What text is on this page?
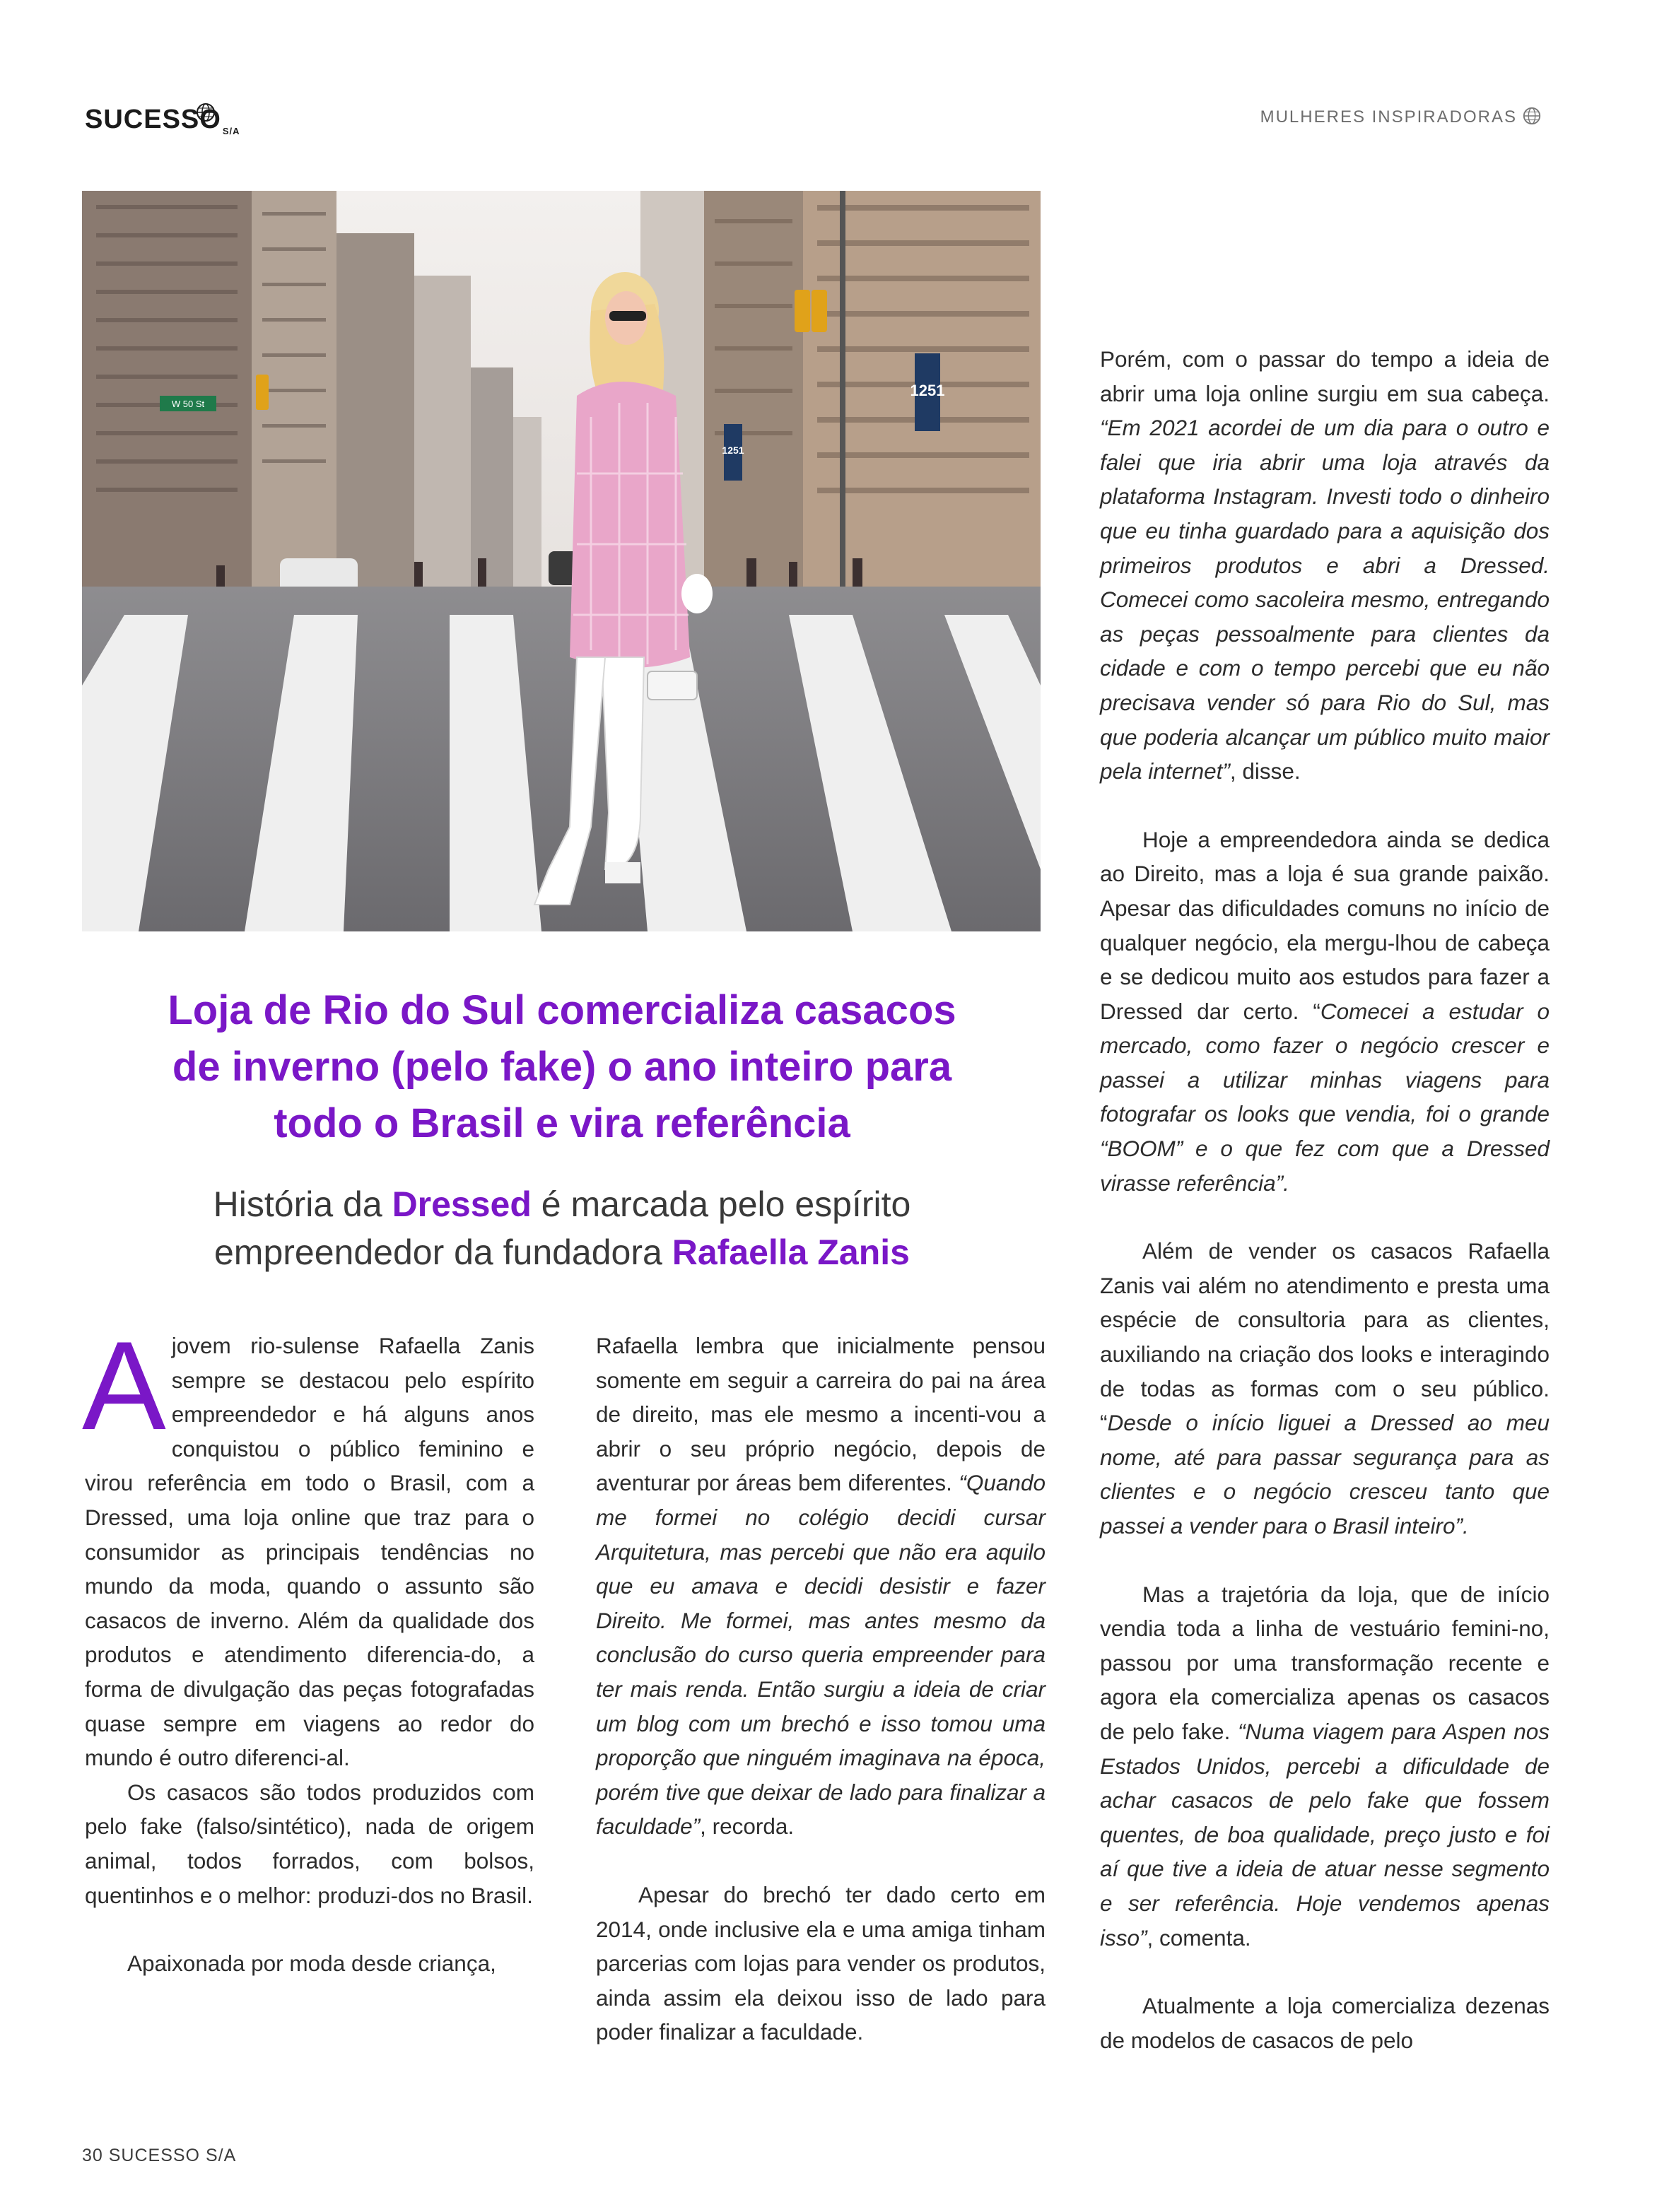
SUCESSO $_{S/A}$
MULHERES INSPIRADORAS
1251
1251
W 50 St
Loja de Rio do Sul comercializa casacos
de inverno (pelo fake) o ano inteiro para
todo o Brasil e vira referência
História da Dressed é marcada pelo espírito
empreendedor da fundadora Rafaella Zanis

A jovem rio-sulense Rafaella Zanis sempre se destacou pelo espírito empreendedor e há alguns anos conquistou o público feminino e virou referência em todo o Brasil, com a Dressed, uma loja online que traz para o consumidor as principais tendências no mundo da moda, quando o assunto são casacos de inverno. Além da qualidade dos produtos e atendimento diferencia-do, a forma de divulgação das peças fotografadas quase sempre em viagens ao redor do mundo é outro diferenci-al.

Os casacos são todos produzidos com pelo fake (falso/sintético), nada de origem animal, todos forrados, com bolsos, quentinhos e o melhor: produzi-dos no Brasil.

Apaixonada por moda desde criança,

Rafaella lembra que inicialmente pensou somente em seguir a carreira do pai na área de direito, mas ele mesmo a incenti-vou a abrir o seu próprio negócio, depois de aventurar por áreas bem diferentes. “Quando me formei no colégio decidi cursar Arquitetura, mas percebi que não era aquilo que eu amava e decidi desistir e fazer Direito. Me formei, mas antes mesmo da conclusão do curso queria empreender para ter mais renda. Então surgiu a ideia de criar um blog com um brechó e isso tomou uma proporção que ninguém imaginava na época, porém tive que deixar de lado para finalizar a faculdade”, recorda.

Apesar do brechó ter dado certo em 2014, onde inclusive ela e uma amiga tinham parcerias com lojas para vender os produtos, ainda assim ela deixou isso de lado para poder finalizar a faculdade.

Porém, com o passar do tempo a ideia de abrir uma loja online surgiu em sua cabeça. “Em 2021 acordei de um dia para o outro e falei que iria abrir uma loja através da plataforma Instagram. Investi todo o dinheiro que eu tinha guardado para a aquisição dos primeiros produtos e abri a Dressed. Comecei como sacoleira mesmo, entregando as peças pessoalmente para clientes da cidade e com o tempo percebi que eu não precisava vender só para Rio do Sul, mas que poderia alcançar um público muito maior pela internet”, disse.

Hoje a empreendedora ainda se dedica ao Direito, mas a loja é sua grande paixão. Apesar das dificuldades comuns no início de qualquer negócio, ela mergu-lhou de cabeça e se dedicou muito aos estudos para fazer a Dressed dar certo. “Comecei a estudar o mercado, como fazer o negócio crescer e passei a utilizar minhas viagens para fotografar os looks que vendia, foi o grande “BOOM” e o que fez com que a Dressed virasse referência”.

Além de vender os casacos Rafaella Zanis vai além no atendimento e presta uma espécie de consultoria para as clientes, auxiliando na criação dos looks e interagindo de todas as formas com o seu público. “Desde o início liguei a Dressed ao meu nome, até para passar segurança para as clientes e o negócio cresceu tanto que passei a vender para o Brasil inteiro”.

Mas a trajetória da loja, que de início vendia toda a linha de vestuário femini-no, passou por uma transformação recente e agora ela comercializa apenas os casacos de pelo fake. “Numa viagem para Aspen nos Estados Unidos, percebi a dificuldade de achar casacos de pelo fake que fossem quentes, de boa qualidade, preço justo e foi aí que tive a ideia de atuar nesse segmento e ser referência. Hoje vendemos apenas isso”, comenta.

Atualmente a loja comercializa dezenas de modelos de casacos de pelo

30 SUCESSO S/A
